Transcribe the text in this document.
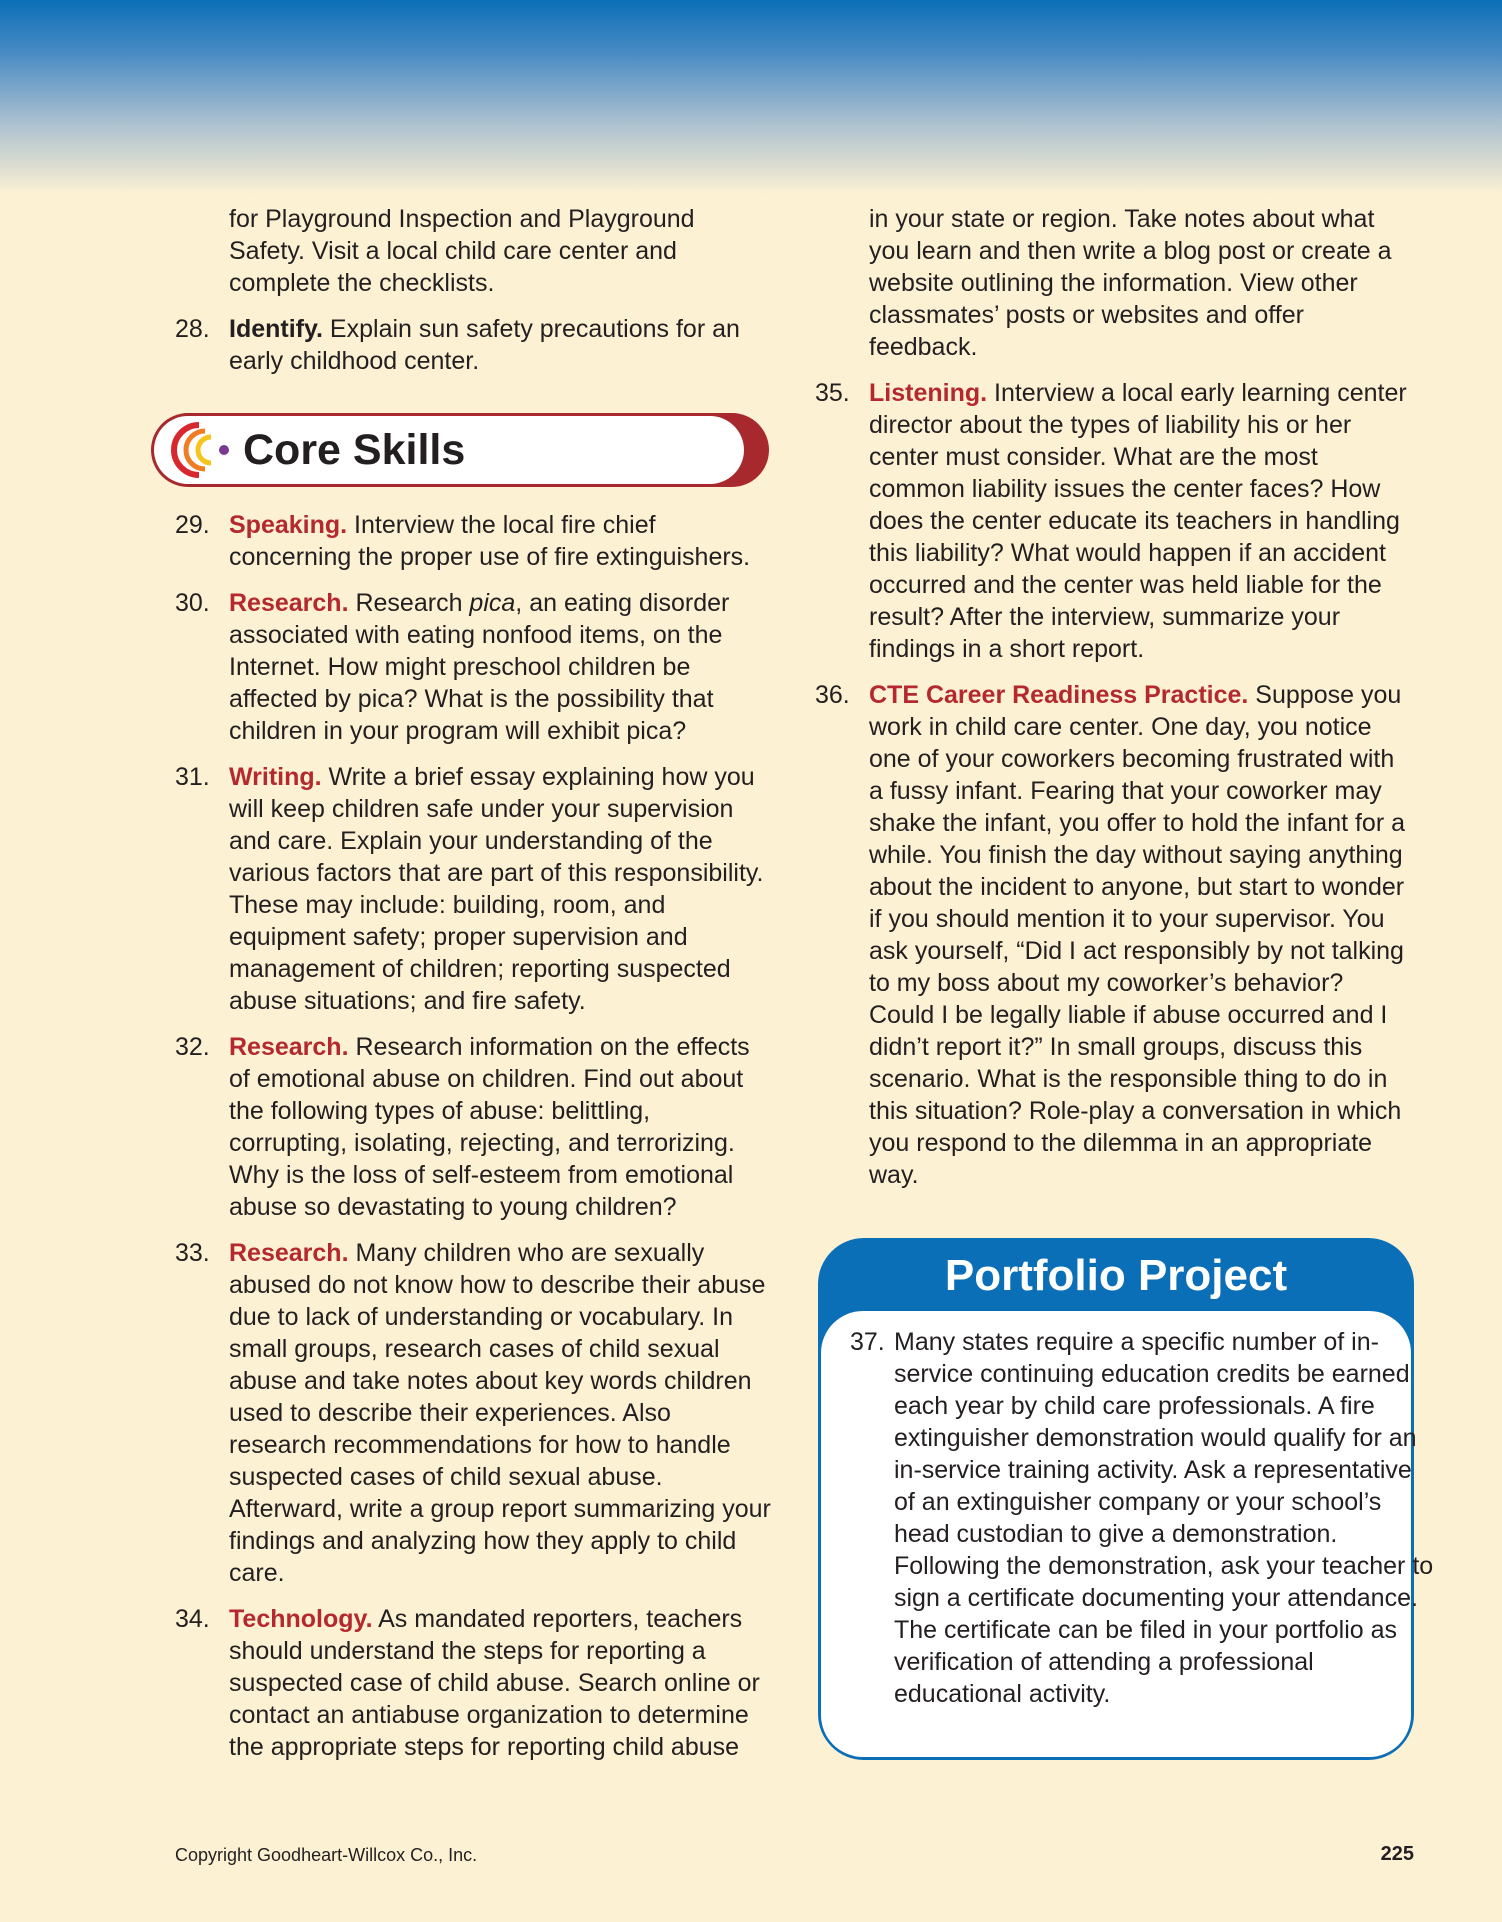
for Playground Inspection and Playground Safety. Visit a local child care center and complete the checklists.
28. Identify. Explain sun safety precautions for an early childhood center.
Core Skills
29. Speaking. Interview the local fire chief concerning the proper use of fire extinguishers.
30. Research. Research pica, an eating disorder associated with eating nonfood items, on the Internet. How might preschool children be affected by pica? What is the possibility that children in your program will exhibit pica?
31. Writing. Write a brief essay explaining how you will keep children safe under your supervision and care. Explain your understanding of the various factors that are part of this responsibility. These may include: building, room, and equipment safety; proper supervision and management of children; reporting suspected abuse situations; and fire safety.
32. Research. Research information on the effects of emotional abuse on children. Find out about the following types of abuse: belittling, corrupting, isolating, rejecting, and terrorizing. Why is the loss of self-esteem from emotional abuse so devastating to young children?
33. Research. Many children who are sexually abused do not know how to describe their abuse due to lack of understanding or vocabulary. In small groups, research cases of child sexual abuse and take notes about key words children used to describe their experiences. Also research recommendations for how to handle suspected cases of child sexual abuse. Afterward, write a group report summarizing your findings and analyzing how they apply to child care.
34. Technology. As mandated reporters, teachers should understand the steps for reporting a suspected case of child abuse. Search online or contact an antiabuse organization to determine the appropriate steps for reporting child abuse
in your state or region. Take notes about what you learn and then write a blog post or create a website outlining the information. View other classmates’ posts or websites and offer feedback.
35. Listening. Interview a local early learning center director about the types of liability his or her center must consider. What are the most common liability issues the center faces? How does the center educate its teachers in handling this liability? What would happen if an accident occurred and the center was held liable for the result? After the interview, summarize your findings in a short report.
36. CTE Career Readiness Practice. Suppose you work in child care center. One day, you notice one of your coworkers becoming frustrated with a fussy infant. Fearing that your coworker may shake the infant, you offer to hold the infant for a while. You finish the day without saying anything about the incident to anyone, but start to wonder if you should mention it to your supervisor. You ask yourself, “Did I act responsibly by not talking to my boss about my coworker’s behavior? Could I be legally liable if abuse occurred and I didn’t report it?” In small groups, discuss this scenario. What is the responsible thing to do in this situation? Role-play a conversation in which you respond to the dilemma in an appropriate way.
Portfolio Project
37. Many states require a specific number of in-service continuing education credits be earned each year by child care professionals. A fire extinguisher demonstration would qualify for an in-service training activity. Ask a representative of an extinguisher company or your school’s head custodian to give a demonstration. Following the demonstration, ask your teacher to sign a certificate documenting your attendance. The certificate can be filed in your portfolio as verification of attending a professional educational activity.
Copyright Goodheart-Willcox Co., Inc.	225
